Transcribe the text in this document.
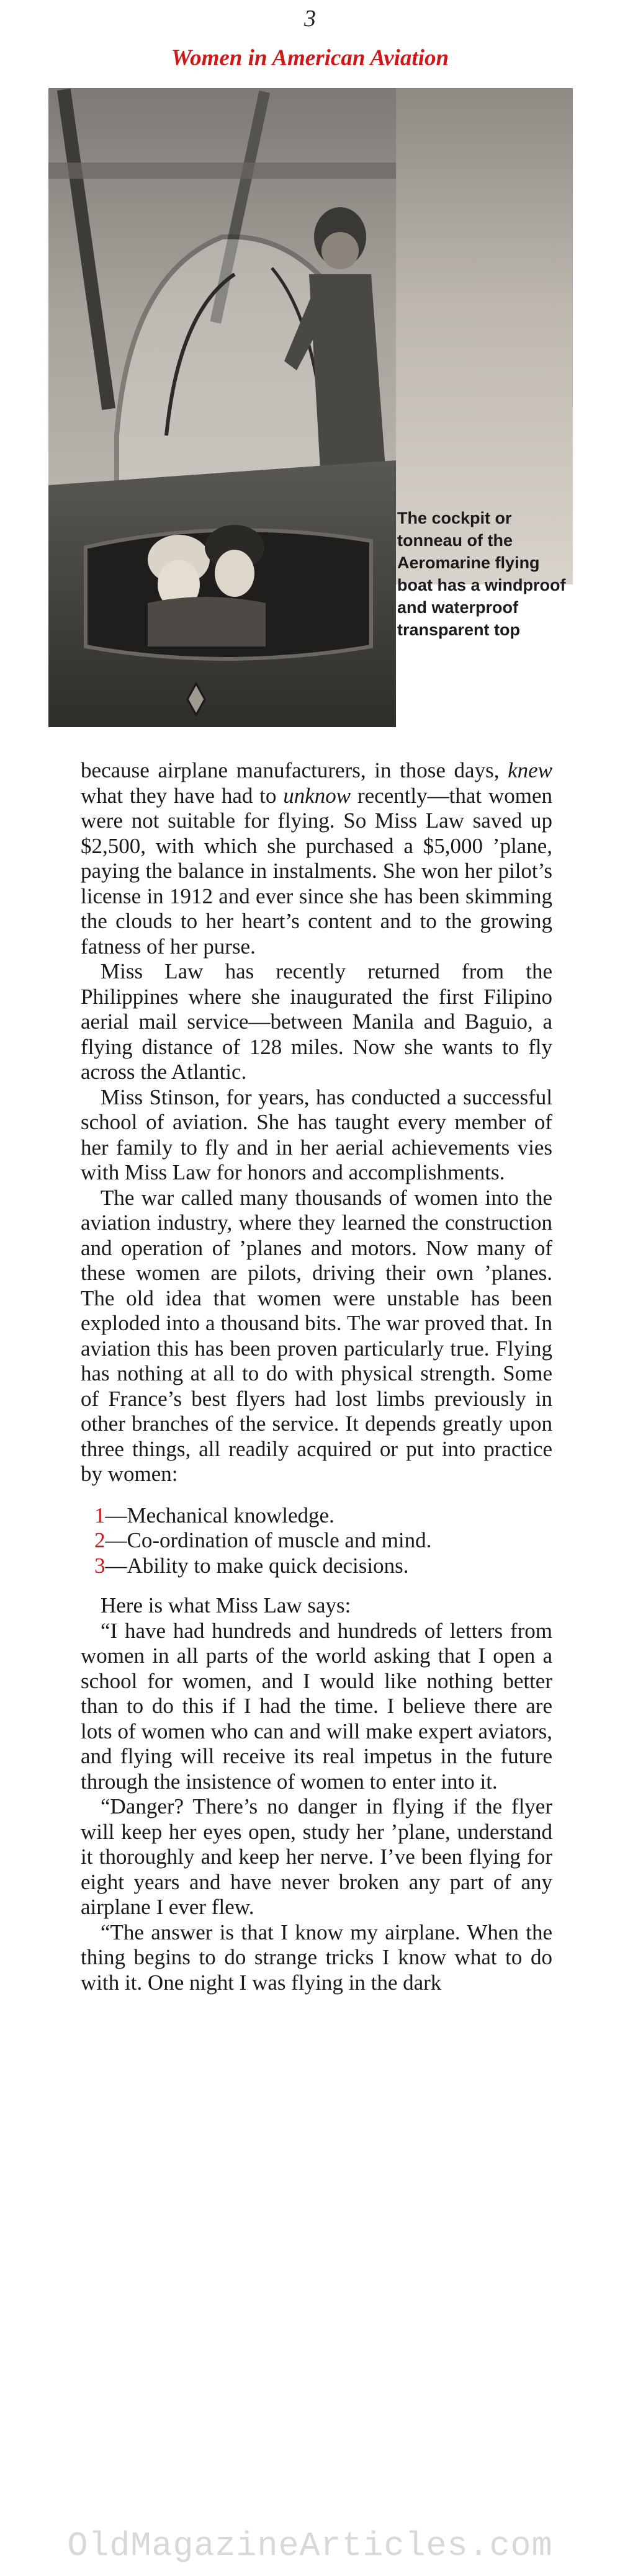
3
Women in American Aviation
The cockpit or tonneau of the Aeromarine flying boat has a windproof and waterproof transparent top

because airplane manufacturers, in those days, knew what they have had to unknow recently—that women were not suitable for flying. So Miss Law saved up $2,500, with which she purchased a $5,000 ’plane, paying the balance in instalments. She won her pilot’s license in 1912 and ever since she has been skimming the clouds to her heart’s content and to the growing fatness of her purse.

Miss Law has recently returned from the Philippines where she inaugurated the first Filipino aerial mail service—between Manila and Baguio, a flying distance of 128 miles. Now she wants to fly across the Atlantic.

Miss Stinson, for years, has conducted a successful school of aviation. She has taught every member of her family to fly and in her aerial achievements vies with Miss Law for honors and accomplishments.

The war called many thousands of women into the aviation industry, where they learned the construction and operation of ’planes and motors. Now many of these women are pilots, driving their own ’planes. The old idea that women were unstable has been exploded into a thousand bits. The war proved that. In aviation this has been proven particularly true. Flying has nothing at all to do with physical strength. Some of France’s best flyers had lost limbs previously in other branches of the service. It depends greatly upon three things, all readily acquired or put into practice by women:

1—Mechanical knowledge.
2—Co-ordination of muscle and mind.
3—Ability to make quick decisions.

Here is what Miss Law says:

“I have had hundreds and hundreds of letters from women in all parts of the world asking that I open a school for women, and I would like nothing better than to do this if I had the time. I believe there are lots of women who can and will make expert aviators, and flying will receive its real impetus in the future through the insistence of women to enter into it.

“Danger? There’s no danger in flying if the flyer will keep her eyes open, study her ’plane, understand it thoroughly and keep her nerve. I’ve been flying for eight years and have never broken any part of any airplane I ever flew.

“The answer is that I know my airplane. When the thing begins to do strange tricks I know what to do with it. One night I was flying in the dark

OldMagazineArticles.com
